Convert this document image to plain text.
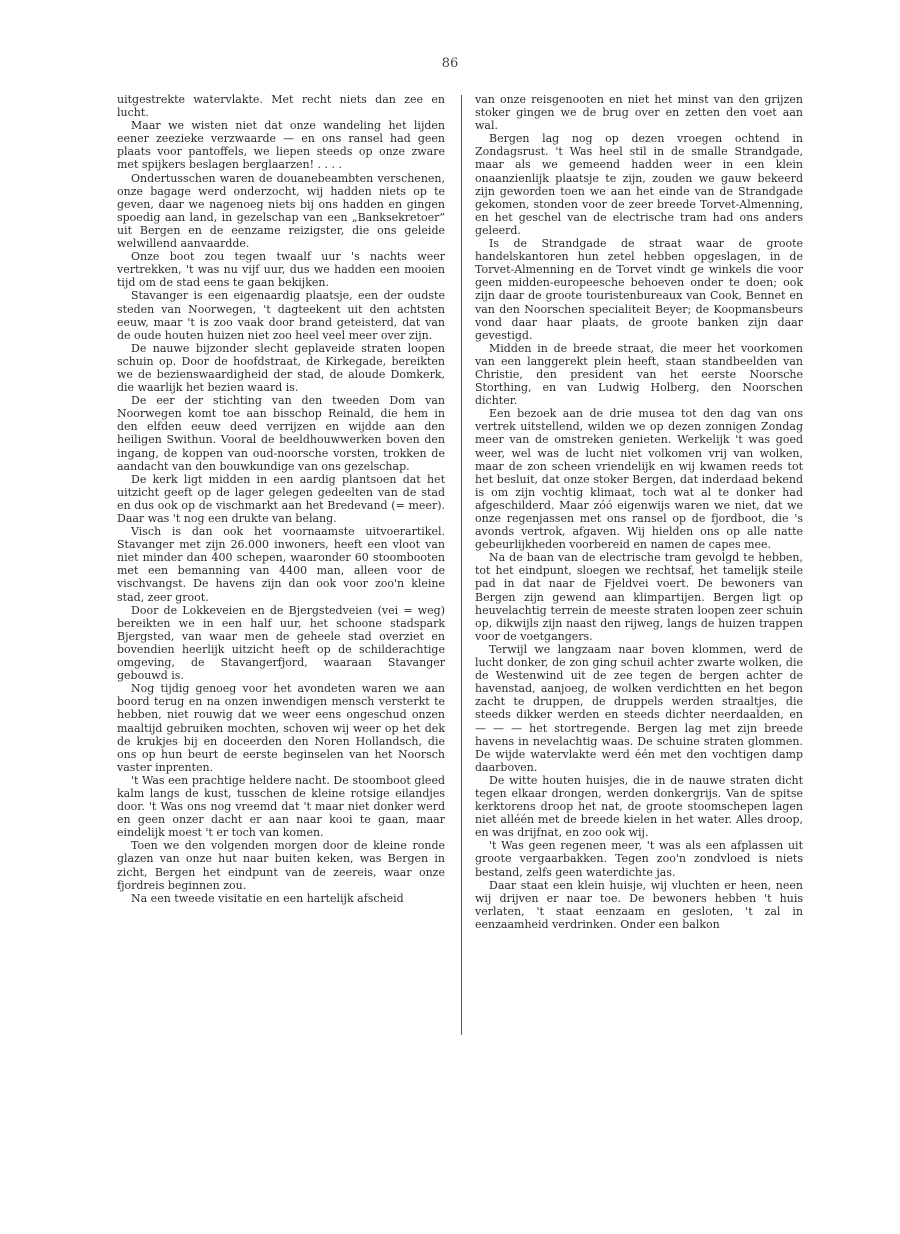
86

uitgestrekte watervlakte. Met recht niets dan zee en lucht.

Maar we wisten niet dat onze wandeling het lijden eener zeezieke verzwaarde — en ons ransel had geen plaats voor pantoffels, we liepen steeds op onze zware met spijkers beslagen berglaarzen! . . . .

Ondertusschen waren de douanebeambten verschenen, onze bagage werd onderzocht, wij hadden niets op te geven, daar we nagenoeg niets bij ons hadden en gingen spoedig aan land, in gezelschap van een „Banksekretoer” uit Bergen en de eenzame reizigster, die ons geleide welwillend aanvaardde.

Onze boot zou tegen twaalf uur 's nachts weer vertrekken, 't was nu vijf uur, dus we hadden een mooien tijd om de stad eens te gaan bekijken.

Stavanger is een eigenaardig plaatsje, een der oudste steden van Noorwegen, 't dagteekent uit den achtsten eeuw, maar 't is zoo vaak door brand geteisterd, dat van de oude houten huizen niet zoo heel veel meer over zijn.

De nauwe bijzonder slecht geplaveide straten loopen schuin op. Door de hoofdstraat, de Kirkegade, bereikten we de bezienswaardigheid der stad, de aloude Domkerk, die waarlijk het bezien waard is.

De eer der stichting van den tweeden Dom van Noorwegen komt toe aan bisschop Reinald, die hem in den elfden eeuw deed verrijzen en wijdde aan den heiligen Swithun. Vooral de beeldhouwwerken boven den ingang, de koppen van oud-noorsche vorsten, trokken de aandacht van den bouwkundige van ons gezelschap.

De kerk ligt midden in een aardig plantsoen dat het uitzicht geeft op de lager gelegen gedeelten van de stad en dus ook op de vischmarkt aan het Bredevand (= meer). Daar was 't nog een drukte van belang.

Visch is dan ook het voornaamste uitvoerartikel. Stavanger met zijn 26.000 inwoners, heeft een vloot van niet minder dan 400 schepen, waaronder 60 stoombooten met een bemanning van 4400 man, alleen voor de vischvangst. De havens zijn dan ook voor zoo'n kleine stad, zeer groot.

Door de Lokkeveien en de Bjergstedveien (vei = weg) bereikten we in een half uur, het schoone stadspark Bjergsted, van waar men de geheele stad overziet en bovendien heerlijk uitzicht heeft op de schilderachtige omgeving, de Stavangerfjord, waaraan Stavanger gebouwd is.

Nog tijdig genoeg voor het avondeten waren we aan boord terug en na onzen inwendigen mensch versterkt te hebben, niet rouwig dat we weer eens ongeschud onzen maaltijd gebruiken mochten, schoven wij weer op het dek de krukjes bij en doceerden den Noren Hollandsch, die ons op hun beurt de eerste beginselen van het Noorsch vaster inprenten.

't Was een prachtige heldere nacht. De stoomboot gleed kalm langs de kust, tusschen de kleine rotsige eilandjes door. 't Was ons nog vreemd dat 't maar niet donker werd en geen onzer dacht er aan naar kooi te gaan, maar eindelijk moest 't er toch van komen.

Toen we den volgenden morgen door de kleine ronde glazen van onze hut naar buiten keken, was Bergen in zicht, Bergen het eindpunt van de zeereis, waar onze fjordreis beginnen zou.

Na een tweede visitatie en een hartelijk afscheid

van onze reisgenooten en niet het minst van den grijzen stoker gingen we de brug over en zetten den voet aan wal.

Bergen lag nog op dezen vroegen ochtend in Zondagsrust. 't Was heel stil in de smalle Strandgade, maar als we gemeend hadden weer in een klein onaanzienlijk plaatsje te zijn, zouden we gauw bekeerd zijn geworden toen we aan het einde van de Strandgade gekomen, stonden voor de zeer breede Torvet-Almenning, en het geschel van de electrische tram had ons anders geleerd.

Is de Strandgade de straat waar de groote handelskantoren hun zetel hebben opgeslagen, in de Torvet-Almenning en de Torvet vindt ge winkels die voor geen midden-europeesche behoeven onder te doen; ook zijn daar de groote touristenbureaux van Cook, Bennet en van den Noorschen specialiteit Beyer; de Koopmansbeurs vond daar haar plaats, de groote banken zijn daar gevestigd.

Midden in de breede straat, die meer het voorkomen van een langgerekt plein heeft, staan standbeelden van Christie, den president van het eerste Noorsche Storthing, en van Ludwig Holberg, den Noorschen dichter.

Een bezoek aan de drie musea tot den dag van ons vertrek uitstellend, wilden we op dezen zonnigen Zondag meer van de omstreken genieten. Werkelijk 't was goed weer, wel was de lucht niet volkomen vrij van wolken, maar de zon scheen vriendelijk en wij kwamen reeds tot het besluit, dat onze stoker Bergen, dat inderdaad bekend is om zijn vochtig klimaat, toch wat al te donker had afgeschilderd. Maar zóó eigenwijs waren we niet, dat we onze regenjassen met ons ransel op de fjordboot, die 's avonds vertrok, afgaven. Wij hielden ons op alle natte gebeurlijkheden voorbereid en namen de capes mee.

Na de baan van de electrische tram gevolgd te hebben, tot het eindpunt, sloegen we rechtsaf, het tamelijk steile pad in dat naar de Fjeldvei voert. De bewoners van Bergen zijn gewend aan klimpartijen. Bergen ligt op heuvelachtig terrein de meeste straten loopen zeer schuin op, dikwijls zijn naast den rijweg, langs de huizen trappen voor de voetgangers.

Terwijl we langzaam naar boven klommen, werd de lucht donker, de zon ging schuil achter zwarte wolken, die de Westenwind uit de zee tegen de bergen achter de havenstad, aanjoeg, de wolken verdichtten en het begon zacht te druppen, de druppels werden straaltjes, die steeds dikker werden en steeds dichter neerdaalden, en — — — het stortregende. Bergen lag met zijn breede havens in nevelachtig waas. De schuine straten glommen. De wijde watervlakte werd één met den vochtigen damp daarboven.

De witte houten huisjes, die in de nauwe straten dicht tegen elkaar drongen, werden donkergrijs. Van de spitse kerktorens droop het nat, de groote stoomschepen lagen niet alléén met de breede kielen in het water. Alles droop, en was drijfnat, en zoo ook wij.

't Was geen regenen meer, 't was als een afplassen uit groote vergaarbakken. Tegen zoo'n zondvloed is niets bestand, zelfs geen waterdichte jas.

Daar staat een klein huisje, wij vluchten er heen, neen wij drijven er naar toe. De bewoners hebben 't huis verlaten, 't staat eenzaam en gesloten, 't zal in eenzaamheid verdrinken. Onder een balkon
